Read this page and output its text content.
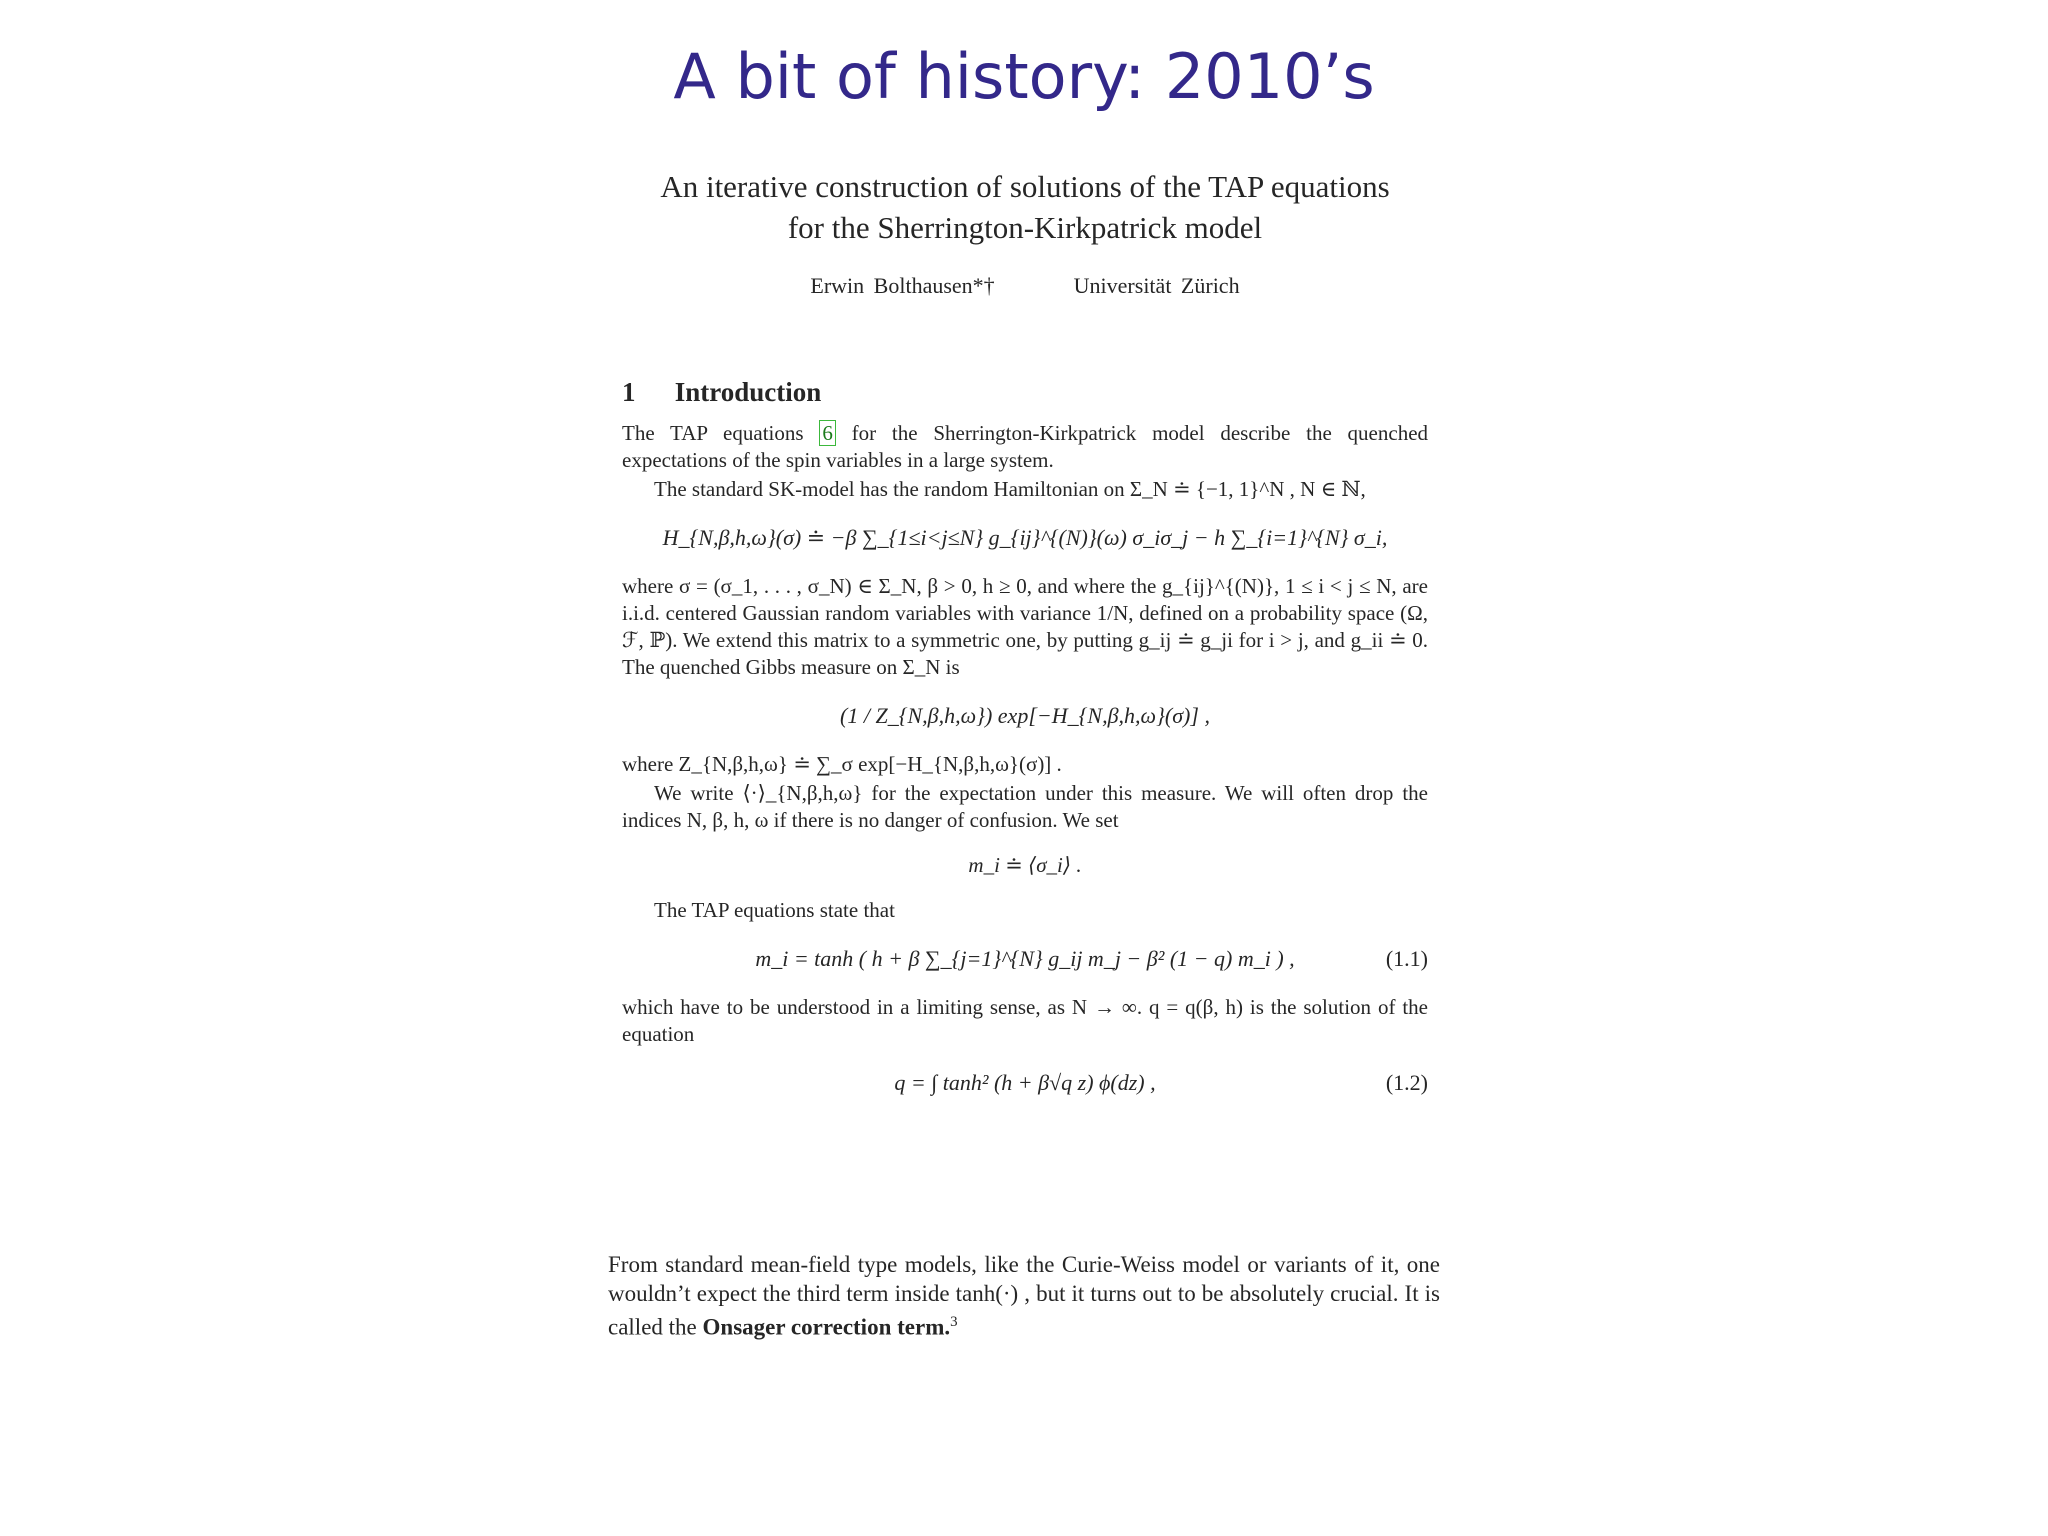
A bit of history: 2010’s
An iterative construction of solutions of the TAP equations
for the Sherrington-Kirkpatrick model
Erwin Bolthausen*†	Universität Zürich
1 Introduction

The TAP equations 6 for the Sherrington-Kirkpatrick model describe the quenched expectations of the spin variables in a large system.

The standard SK-model has the random Hamiltonian on Σ_N ≐ {−1, 1}^N , N ∈ ℕ,

H_{N,β,h,ω}(σ) ≐ −β ∑_{1≤i<j≤N} g_{ij}^{(N)}(ω) σ_iσ_j − h ∑_{i=1}^{N} σ_i,

where σ = (σ_1, . . . , σ_N) ∈ Σ_N, β > 0, h ≥ 0, and where the g_{ij}^{(N)}, 1 ≤ i < j ≤ N, are i.i.d. centered Gaussian random variables with variance 1/N, defined on a probability space (Ω, ℱ, ℙ). We extend this matrix to a symmetric one, by putting g_ij ≐ g_ji for i > j, and g_ii ≐ 0. The quenched Gibbs measure on Σ_N is

(1 / Z_{N,β,h,ω}) exp[−H_{N,β,h,ω}(σ)] ,

where Z_{N,β,h,ω} ≐ ∑_σ exp[−H_{N,β,h,ω}(σ)] .

We write ⟨·⟩_{N,β,h,ω} for the expectation under this measure. We will often drop the indices N, β, h, ω if there is no danger of confusion. We set

m_i ≐ ⟨σ_i⟩ .

The TAP equations state that

m_i = tanh ( h + β ∑_{j=1}^{N} g_ij m_j − β² (1 − q) m_i ) ,	(1.1)

which have to be understood in a limiting sense, as N → ∞. q = q(β, h) is the solution of the equation

q = ∫ tanh² (h + β√q z) ϕ(dz) ,	(1.2)

From standard mean-field type models, like the Curie-Weiss model or variants of it, one wouldn’t expect the third term inside tanh(·) , but it turns out to be absolutely crucial. It is called the Onsager correction term.$^3$
